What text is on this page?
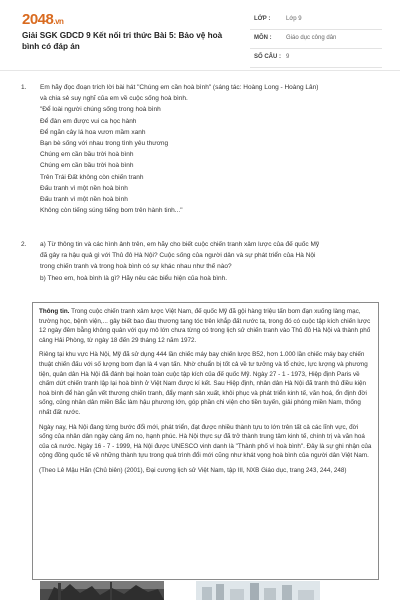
2048.vn
Giải SGK GDCD 9 Kết nối tri thức Bài 5: Bảo vệ hoà bình có đáp án
LỚP :	Lớp 9
MÔN : Giáo dục công dân
SỐ CÂU : 9
1. Em hãy đọc đoạn trích lời bài hát "Chúng em cần hoà bình" (sáng tác: Hoàng Long - Hoàng Lân)

và chia sẻ suy nghĩ của em về cuộc sống hoà bình.

"Để loài người chúng sống trong hoà bình

Để đàn em được vui ca học hành

Để ngăn cây lá hoa vươn mầm xanh

Bạn bè sống với nhau trong tình yêu thương

Chúng em cần bầu trời hoà bình

Chúng em cần bầu trời hoà bình

Trên Trái Đất không còn chiến tranh

Đấu tranh vì một nền hoà bình

Đấu tranh vì một nền hoà bình

Không còn tiếng súng tiếng bom trên hành tinh..."

2. a) Từ thông tin và các hình ảnh trên, em hãy cho biết cuộc chiến tranh xâm lược của đế quốc Mỹ

đã gây ra hậu quả gì với Thủ đô Hà Nội? Cuộc sống của người dân và sự phát triển của Hà Nội

trong chiến tranh và trong hoà bình có sự khác nhau như thế nào?

b) Theo em, hoà bình là gì? Hãy nêu các biểu hiện của hoà bình.

Thông tin. Trong cuộc chiến tranh xâm lược Việt Nam, đế quốc Mỹ đã gội hàng triệu tấn bom đạn xuống làng mạc, trường học, bệnh viện,... gây biết bao đau thương tang tóc trên khắp đất nước ta, trong đó có cuộc tập kích chiến lược 12 ngày đêm bằng không quân với quy mô lớn chưa từng có trong lịch sử chiến tranh vào Thủ đô Hà Nội và thành phố cảng Hải Phòng, từ ngày 18 đến 29 tháng 12 năm 1972.

Riêng tại khu vực Hà Nội, Mỹ đã sử dụng 444 lần chiếc máy bay chiến lược B52, hơn 1.000 lần chiếc máy bay chiến thuật chiến đấu với số lượng bom đạn là 4 vạn tấn. Nhờ chuẩn bị tốt cả về tư tưởng và tổ chức, lực lượng và phương tiện, quân dân Hà Nội đã đánh bại hoàn toàn cuộc tập kích của đế quốc Mỹ. Ngày 27 - 1 - 1973, Hiệp định Paris về chấm dứt chiến tranh lập lại hoà bình ở Việt Nam được kí kết. Sau Hiệp định, nhân dân Hà Nội đã tranh thủ điều kiện hoà bình để hàn gắn vết thương chiến tranh, đẩy mạnh sản xuất, khôi phục và phát triển kinh tế, văn hoá, ổn định đời sống, củng nhân dân miền Bắc làm hậu phương lớn, góp phần chi viện cho tiền tuyến, giải phóng miền Nam, thống nhất đất nước.

Ngày nay, Hà Nội đang từng bước đổi mới, phát triển, đạt được nhiều thành tựu to lớn trên tất cả các lĩnh vực, đời sống của nhân dân ngày càng ấm no, hạnh phúc. Hà Nội thực sự đã trở thành trung tâm kinh tế, chính trị và văn hoá của cả nước. Ngày 16 - 7 - 1999, Hà Nội được UNESCO vinh danh là "Thành phố vì hoà bình". Đây là sự ghi nhận của cộng đồng quốc tế về những thành tựu trong quá trình đổi mới cũng như khát vọng hoà bình của người dân Việt Nam.

(Theo Lê Mậu Hãn (Chủ biên) (2001), Đại cương lịch sử Việt Nam, tập III, NXB Giáo dục, trang 243, 244, 248)
